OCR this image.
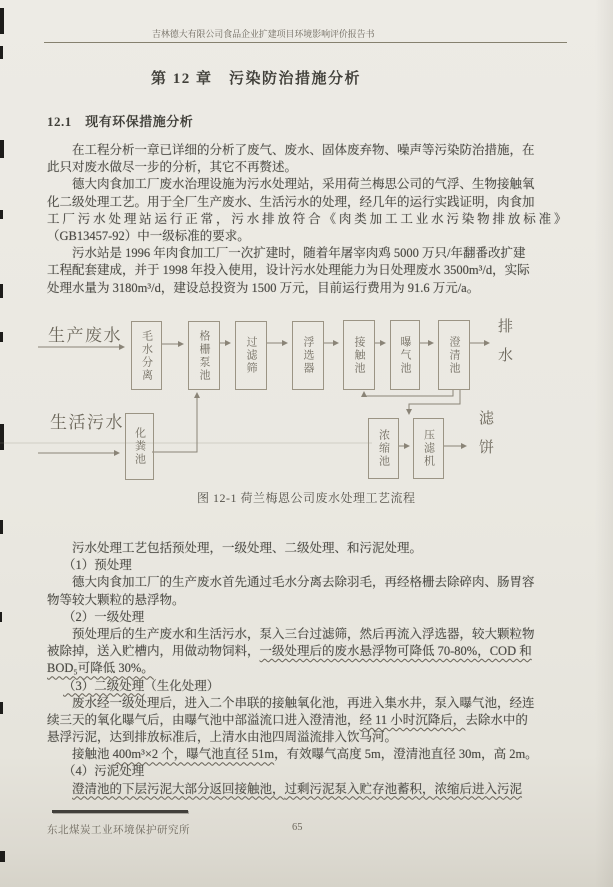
吉林德大有限公司食品企业扩建项目环境影响评价报告书
第 12 章　污染防治措施分析
12.1　现有环保措施分析
在工程分析一章已详细的分析了废气、废水、固体废弃物、噪声等污染防治措施，在
此只对废水做尽一步的分析，其它不再赘述。
德大肉食加工厂废水治理设施为污水处理站，采用荷兰梅思公司的气浮、生物接触氧
化二级处理工艺。用于全厂生产废水、生活污水的处理，经几年的运行实践证明，肉食加
工厂污水处理站运行正常，污水排放符合《肉类加工工业水污染物排放标准》
（GB13457-92）中一级标准的要求。
污水站是 1996 年肉食加工厂一次扩建时，随着年屠宰肉鸡 5000 万只/年翻番改扩建
工程配套建成，并于 1998 年投入使用，设计污水处理能力为日处理废水 3500m³/d，实际
处理水量为 3180m³/d，建设总投资为 1500 万元，目前运行费用为 91.6 万元/a。
生产废水
生活污水
排水
滤饼
毛水分离	格栅泵池	过滤筛	浮选器	接触池	曝气池	澄清池
化粪池	浓缩池	压滤机
图 12-1 荷兰梅恩公司废水处理工艺流程
污水处理工艺包括预处理，一级处理、二级处理、和污泥处理。
（1）预处理
德大肉食加工厂的生产废水首先通过毛水分离去除羽毛，再经格栅去除碎肉、肠胃容
物等较大颗粒的悬浮物。
（2）一级处理
预处理后的生产废水和生活污水，泵入三台过滤筛，然后再流入浮选器，较大颗粒物
被除掉，送入贮槽内，用做动物饲料，一级处理后的废水悬浮物可降低 70-80%，COD 和
BOD₅可降低 30%。
（3）二级处理（生化处理）
废水经一级处理后，进入二个串联的接触氧化池，再进入集水井，泵入曝气池，经连
续三天的氧化曝气后，由曝气池中部溢流口进入澄清池，经 11 小时沉降后，去除水中的
悬浮污泥，达到排放标准后，上清水由池四周溢流排入饮马河。
接触池 400m³×2 个，曝气池直径 51m，有效曝气高度 5m，澄清池直径 30m，高 2m。
（4）污泥处理
澄清池的下层污泥大部分返回接触池，过剩污泥泵入贮存池蓄积，浓缩后进入污泥
东北煤炭工业环境保护研究所	65
